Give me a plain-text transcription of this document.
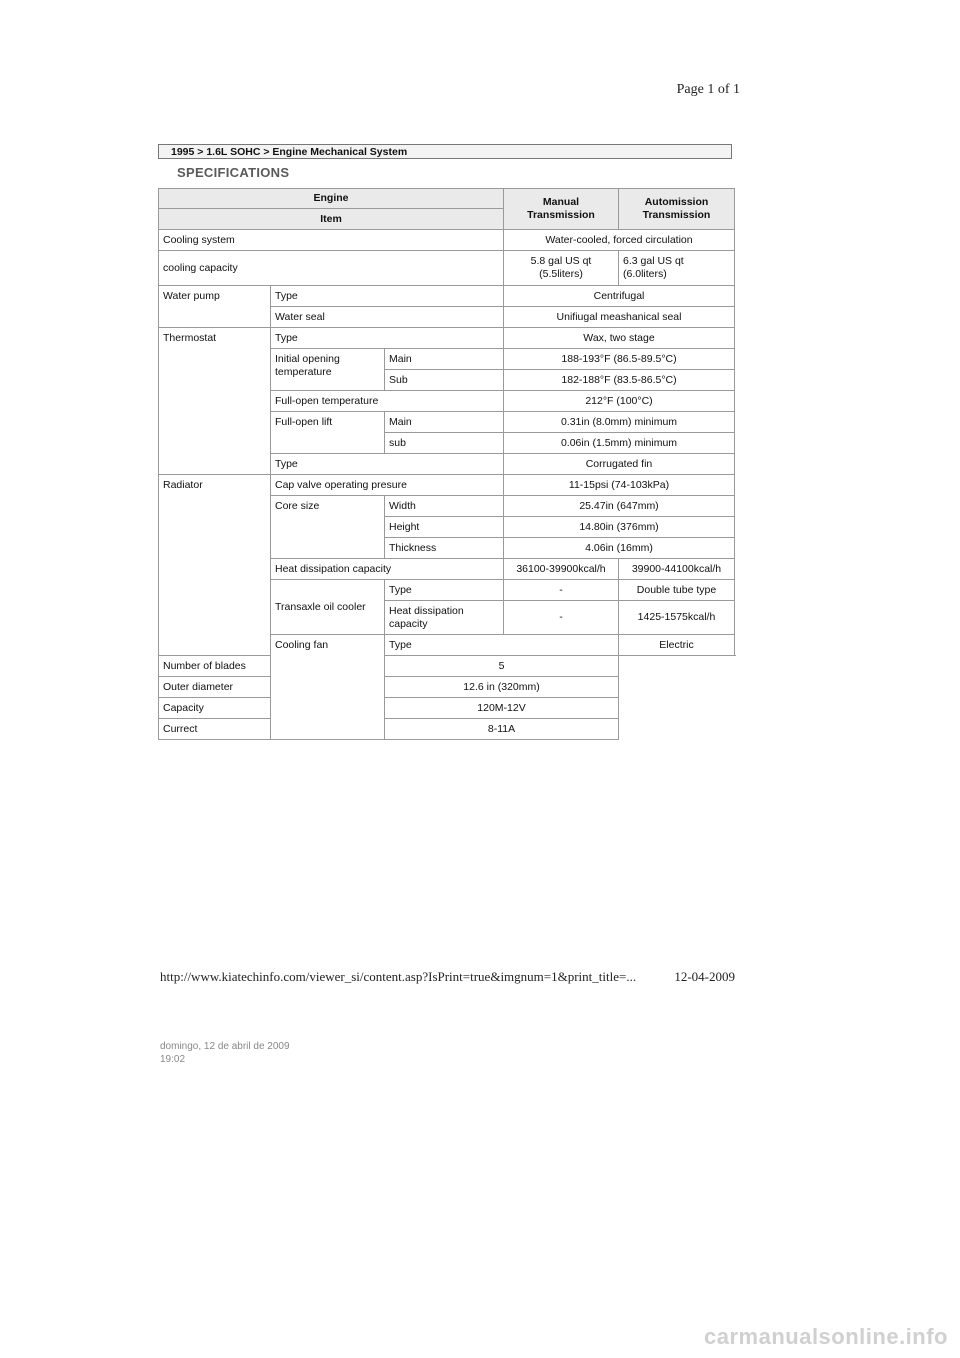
Page 1 of 1
1995 > 1.6L SOHC > Engine Mechanical System
SPECIFICATIONS
Engine			Manual Transmission	Automission Transmission
Item				
Cooling system			Water-cooled, forced circulation	
cooling capacity			5.8 gal US qt (5.5liters)	6.3 gal US qt (6.0liters)
Water pump	Type		Centrifugal	
	Water seal		Unifiugal meashanical seal	
Thermostat	Type		Wax, two stage	
	Initial opening temperature	Main	188-193°F (86.5-89.5°C)	
		Sub	182-188°F (83.5-86.5°C)	
	Full-open temperature		212°F (100°C)	
	Full-open lift	Main	0.31in (8.0mm) minimum	
		sub	0.06in (1.5mm) minimum	
	Type		Corrugated fin	
Radiator	Cap valve operating presure		11-15psi (74-103kPa)	
	Core size	Width	25.47in (647mm)	
		Height	14.80in (376mm)	
		Thickness	4.06in (16mm)	
	Heat dissipation capacity		36100-39900kcal/h	39900-44100kcal/h
	Transaxle oil cooler	Type	-	Double tube type
		Heat dissipation capacity	-	1425-1575kcal/h
	Cooling fan	Type		Electric
Number of blades		5		
Outer diameter		12.6 in (320mm)		
Capacity		120M-12V		
Currect		8-11A		
http://www.kiatechinfo.com/viewer_si/content.asp?IsPrint=true&imgnum=1&print_title=...	12-04-2009
domingo, 12 de abril de 2009
19:02
carmanualsonline.info
